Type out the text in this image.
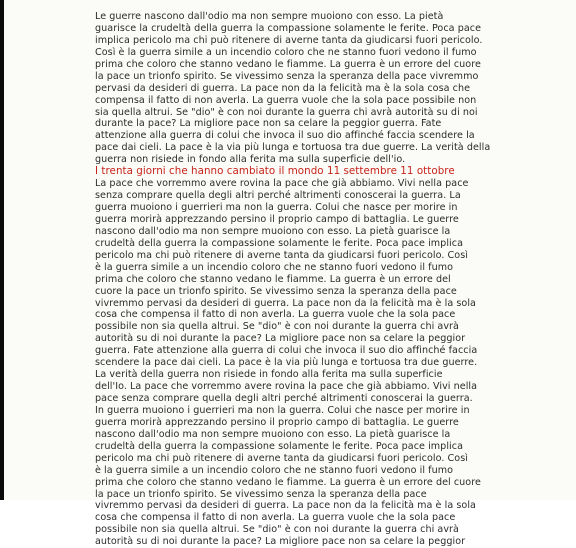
Le guerre nascono dall'odio ma non sempre muoiono con esso. La pietà
guarisce la crudeltà della guerra la compassione solamente le ferite. Poca pace
implica pericolo ma chi può ritenere di averne tanta da giudicarsi fuori pericolo.
Così è la guerra simile a un incendio coloro che ne stanno fuori vedono il fumo
prima che coloro che stanno vedano le fiamme. La guerra è un errore del cuore
la pace un trionfo spirito. Se vivessimo senza la speranza della pace vivremmo
pervasi da desideri di guerra. La pace non da la felicità ma è la sola cosa che
compensa il fatto di non averla. La guerra vuole che la sola pace possibile non
sia quella altrui. Se "dio" è con noi durante la guerra chi avrà autorità su di noi
durante la pace? La migliore pace non sa celare la peggior guerra. Fate
attenzione alla guerra di colui che invoca il suo dio affinché faccia scendere la
pace dai cieli. La pace è la via più lunga e tortuosa tra due guerre. La verità della
guerra non risiede in fondo alla ferita ma sulla superficie dell'io.
I trenta giorni che hanno cambiato il mondo 11 settembre 11 ottobre
La pace che vorremmo avere rovina la pace che già abbiamo. Vivi nella pace
senza comprare quella degli altri perché altrimenti conoscerai la guerra. La
guerra muoiono i guerrieri ma non la guerra. Colui che nasce per morire in
guerra morirà apprezzando persino il proprio campo di battaglia. Le guerre
nascono dall'odio ma non sempre muoiono con esso. La pietà guarisce la
crudeltà della guerra la compassione solamente le ferite. Poca pace implica
pericolo ma chi può ritenere di averne tanta da giudicarsi fuori pericolo. Così
è la guerra simile a un incendio coloro che ne stanno fuori vedono il fumo
prima che coloro che stanno vedano le fiamme. La guerra è un errore del
cuore la pace un trionfo spirito. Se vivessimo senza la speranza della pace
vivremmo pervasi da desideri di guerra. La pace non da la felicità ma è la sola
cosa che compensa il fatto di non averla. La guerra vuole che la sola pace
possibile non sia quella altrui. Se "dio" è con noi durante la guerra chi avrà
autorità su di noi durante la pace? La migliore pace non sa celare la peggior
guerra. Fate attenzione alla guerra di colui che invoca il suo dio affinché faccia
scendere la pace dai cieli. La pace è la via più lunga e tortuosa tra due guerre.
La verità della guerra non risiede in fondo alla ferita ma sulla superficie
dell'Io. La pace che vorremmo avere rovina la pace che già abbiamo. Vivi nella
pace senza comprare quella degli altri perché altrimenti conoscerai la guerra.
In guerra muoiono i guerrieri ma non la guerra. Colui che nasce per morire in
guerra morirà apprezzando persino il proprio campo di battaglia. Le guerre
nascono dall'odio ma non sempre muoiono con esso. La pietà guarisce la
crudeltà della guerra la compassione solamente le ferite. Poca pace implica
pericolo ma chi può ritenere di averne tanta da giudicarsi fuori pericolo. Così
è la guerra simile a un incendio coloro che ne stanno fuori vedono il fumo
prima che coloro che stanno vedano le fiamme. La guerra è un errore del cuore
la pace un trionfo spirito. Se vivessimo senza la speranza della pace
vivremmo pervasi da desideri di guerra. La pace non da la felicità ma è la sola
cosa che compensa il fatto di non averla. La guerra vuole che la sola pace
possibile non sia quella altrui. Se "dio" è con noi durante la guerra chi avrà
autorità su di noi durante la pace? La migliore pace non sa celare la peggior
